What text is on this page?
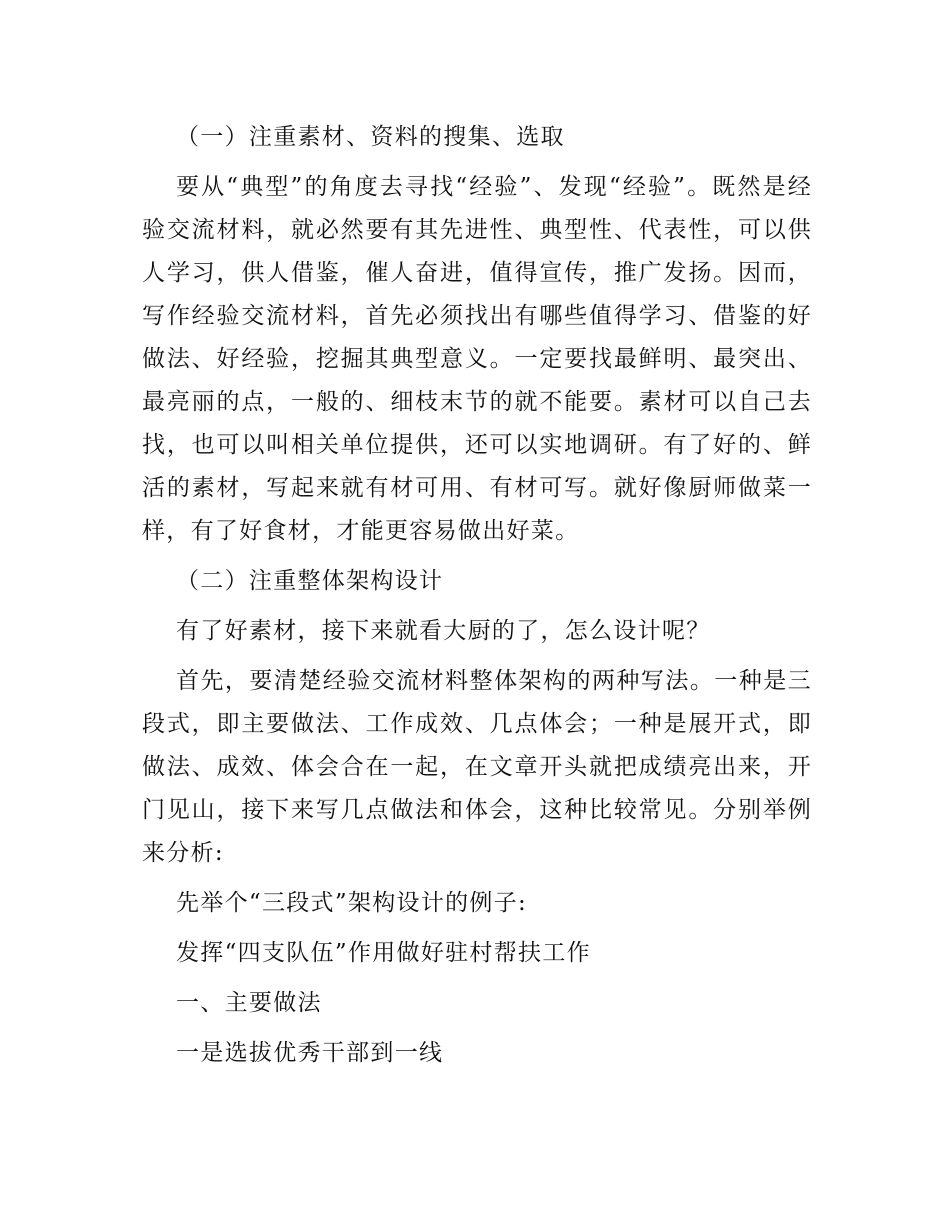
（一）注重素材、资料的搜集、选取

要从“典型”的角度去寻找“经验”、发现“经验”。既然是经验交流材料，就必然要有其先进性、典型性、代表性，可以供人学习，供人借鉴，催人奋进，值得宣传，推广发扬。因而，写作经验交流材料，首先必须找出有哪些值得学习、借鉴的好做法、好经验，挖掘其典型意义。一定要找最鲜明、最突出、最亮丽的点，一般的、细枝末节的就不能要。素材可以自己去找，也可以叫相关单位提供，还可以实地调研。有了好的、鲜活的素材，写起来就有材可用、有材可写。就好像厨师做菜一样，有了好食材，才能更容易做出好菜。

（二）注重整体架构设计

有了好素材，接下来就看大厨的了，怎么设计呢？

首先，要清楚经验交流材料整体架构的两种写法。一种是三段式，即主要做法、工作成效、几点体会；一种是展开式，即做法、成效、体会合在一起，在文章开头就把成绩亮出来，开门见山，接下来写几点做法和体会，这种比较常见。分别举例来分析:

先举个“三段式”架构设计的例子:

发挥“四支队伍”作用做好驻村帮扶工作

一、主要做法

一是选拔优秀干部到一线
